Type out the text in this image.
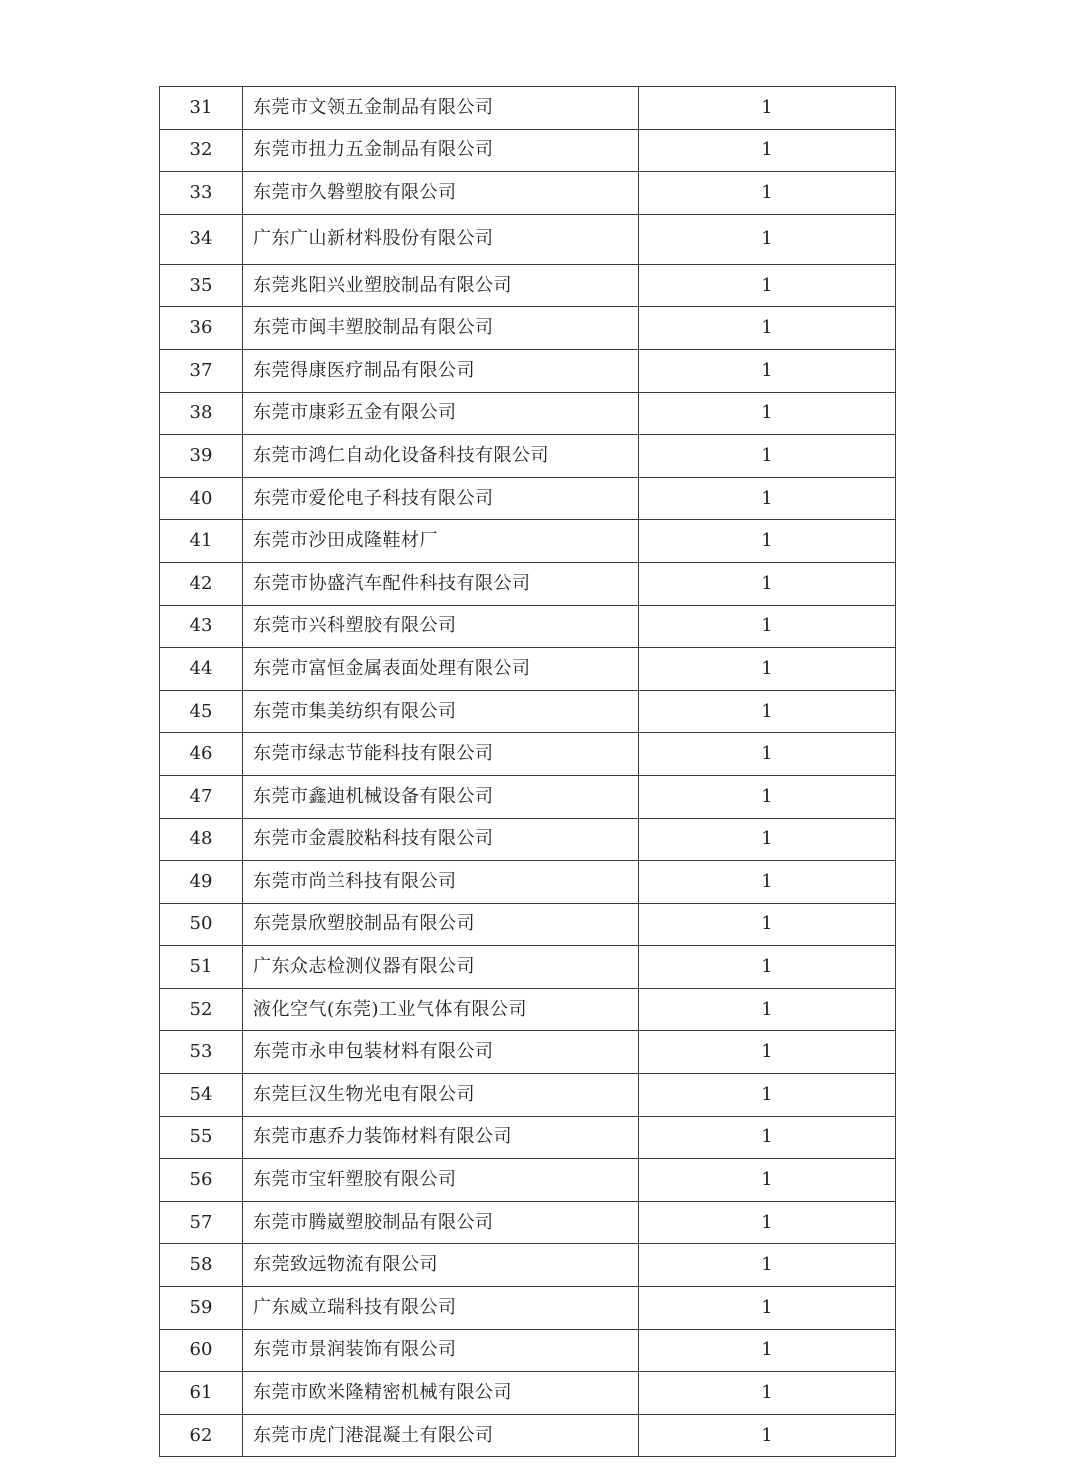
31	东莞市文领五金制品有限公司	1
32	东莞市扭力五金制品有限公司	1
33	东莞市久磐塑胶有限公司	1
34	广东广山新材料股份有限公司	1
35	东莞兆阳兴业塑胶制品有限公司	1
36	东莞市闽丰塑胶制品有限公司	1
37	东莞得康医疗制品有限公司	1
38	东莞市康彩五金有限公司	1
39	东莞市鸿仁自动化设备科技有限公司	1
40	东莞市爱伦电子科技有限公司	1
41	东莞市沙田成隆鞋材厂	1
42	东莞市协盛汽车配件科技有限公司	1
43	东莞市兴科塑胶有限公司	1
44	东莞市富恒金属表面处理有限公司	1
45	东莞市集美纺织有限公司	1
46	东莞市绿志节能科技有限公司	1
47	东莞市鑫迪机械设备有限公司	1
48	东莞市金震胶粘科技有限公司	1
49	东莞市尚兰科技有限公司	1
50	东莞景欣塑胶制品有限公司	1
51	广东众志检测仪器有限公司	1
52	液化空气(东莞)工业气体有限公司	1
53	东莞市永申包装材料有限公司	1
54	东莞巨汉生物光电有限公司	1
55	东莞市惠乔力装饰材料有限公司	1
56	东莞市宝轩塑胶有限公司	1
57	东莞市腾崴塑胶制品有限公司	1
58	东莞致远物流有限公司	1
59	广东威立瑞科技有限公司	1
60	东莞市景润装饰有限公司	1
61	东莞市欧米隆精密机械有限公司	1
62	东莞市虎门港混凝土有限公司	1
